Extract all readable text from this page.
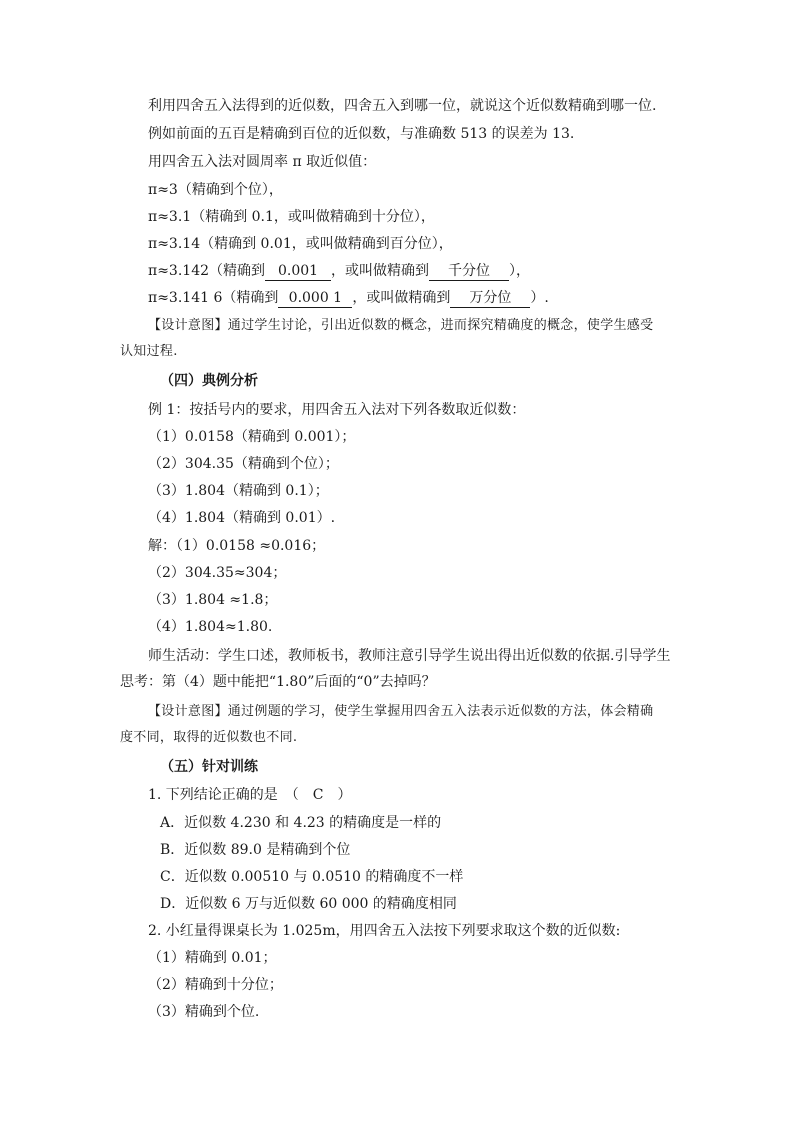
利用四舍五入法得到的近似数，四舍五入到哪一位，就说这个近似数精确到哪一位.
例如前面的五百是精确到百位的近似数，与准确数 513 的误差为 13.
用四舍五入法对圆周率 π 取近似值：
π≈3（精确到个位），
π≈3.1（精确到 0.1，或叫做精确到十分位），
π≈3.14（精确到 0.01，或叫做精确到百分位），
π≈3.142（精确到 0.001 ，或叫做精确到 千分位 ），
π≈3.141 6（精确到 0.000 1 ，或叫做精确到 万分位 ）.
【设计意图】通过学生讨论，引出近似数的概念，进而探究精确度的概念，使学生感受
认知过程.
（四）典例分析
例 1：按括号内的要求，用四舍五入法对下列各数取近似数：
（1）0.0158（精确到 0.001）；
（2）304.35（精确到个位）；
（3）1.804（精确到 0.1）；
（4）1.804（精确到 0.01）.
解：（1）0.0158 ≈0.016；
（2）304.35≈304；
（3）1.804 ≈1.8；
（4）1.804≈1.80.
师生活动：学生口述，教师板书，教师注意引导学生说出得出近似数的依据.引导学生
思考：第（4）题中能把“1.80”后面的“0”去掉吗？
【设计意图】通过例题的学习，使学生掌握用四舍五入法表示近似数的方法，体会精确
度不同，取得的近似数也不同.
（五）针对训练
1. 下列结论正确的是　（　C　）
A．近似数 4.230 和 4.23 的精确度是一样的
B．近似数 89.0 是精确到个位
C．近似数 0.00510 与 0.0510 的精确度不一样
D．近似数 6 万与近似数 60 000 的精确度相同
2. 小红量得课桌长为 1.025m，用四舍五入法按下列要求取这个数的近似数:
（1）精确到 0.01；
（2）精确到十分位；
（3）精确到个位.
